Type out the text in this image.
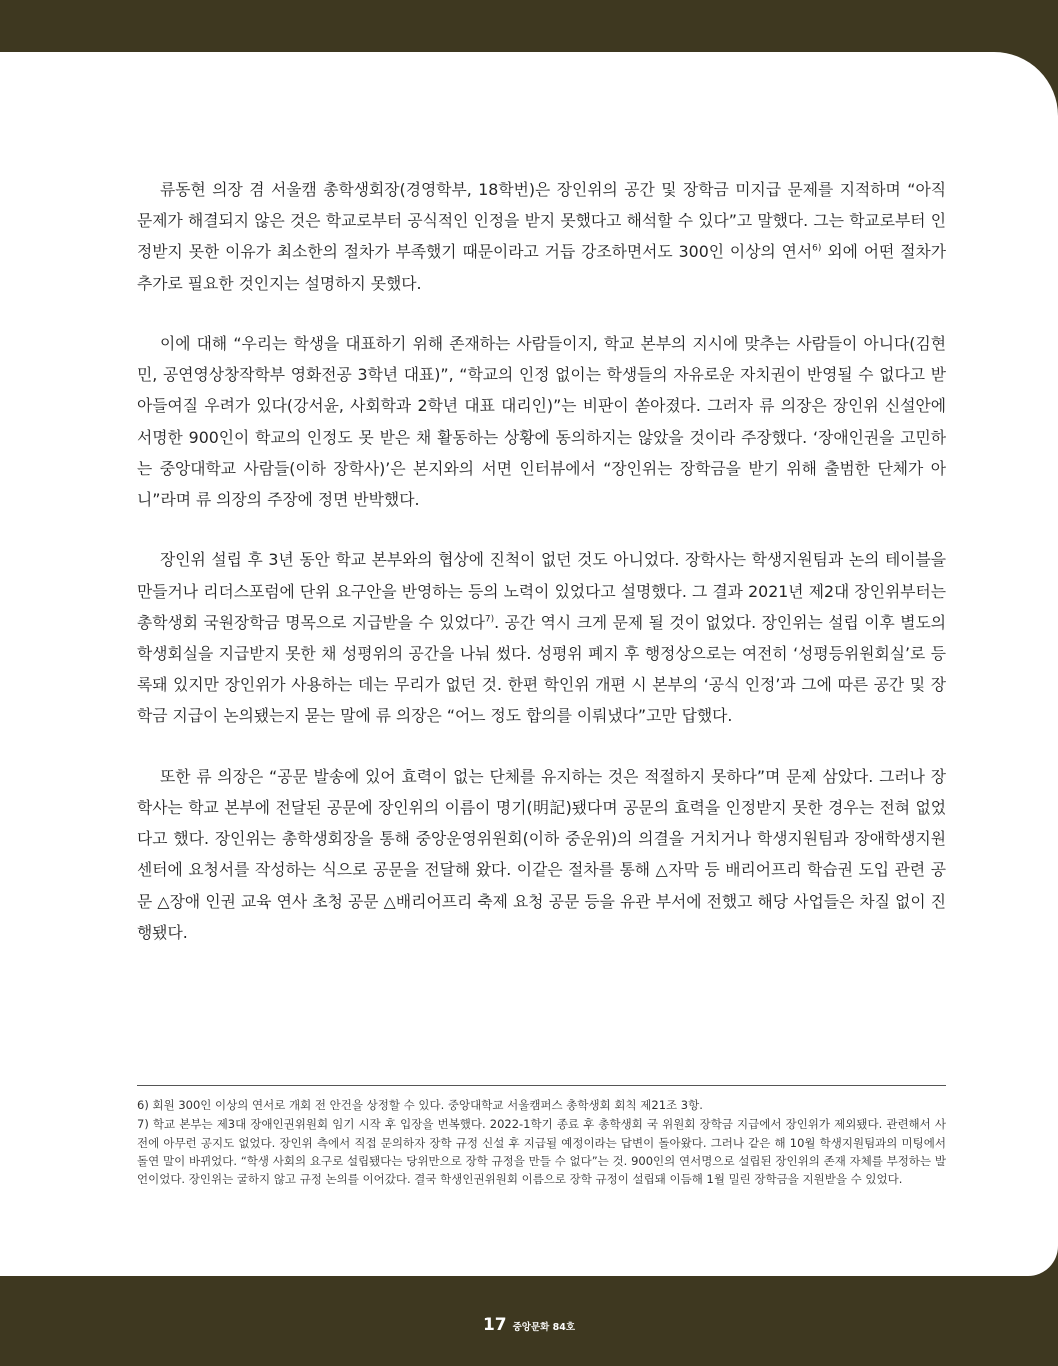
류동현 의장 겸 서울캠 총학생회장(경영학부, 18학번)은 장인위의 공간 및 장학금 미지급 문제를 지적하며 “아직 문제가 해결되지 않은 것은 학교로부터 공식적인 인정을 받지 못했다고 해석할 수 있다”고 말했다. 그는 학교로부터 인정받지 못한 이유가 최소한의 절차가 부족했기 때문이라고 거듭 강조하면서도 300인 이상의 연서$^{6)}$ 외에 어떤 절차가 추가로 필요한 것인지는 설명하지 못했다.

이에 대해 “우리는 학생을 대표하기 위해 존재하는 사람들이지, 학교 본부의 지시에 맞추는 사람들이 아니다(김현민, 공연영상창작학부 영화전공 3학년 대표)”, “학교의 인정 없이는 학생들의 자유로운 자치권이 반영될 수 없다고 받아들여질 우려가 있다(강서윤, 사회학과 2학년 대표 대리인)”는 비판이 쏟아졌다. 그러자 류 의장은 장인위 신설안에 서명한 900인이 학교의 인정도 못 받은 채 활동하는 상황에 동의하지는 않았을 것이라 주장했다. ‘장애인권을 고민하는 중앙대학교 사람들(이하 장학사)’은 본지와의 서면 인터뷰에서 “장인위는 장학금을 받기 위해 출범한 단체가 아니”라며 류 의장의 주장에 정면 반박했다.

장인위 설립 후 3년 동안 학교 본부와의 협상에 진척이 없던 것도 아니었다. 장학사는 학생지원팀과 논의 테이블을 만들거나 리더스포럼에 단위 요구안을 반영하는 등의 노력이 있었다고 설명했다. 그 결과 2021년 제2대 장인위부터는 총학생회 국원장학금 명목으로 지급받을 수 있었다$^{7)}$. 공간 역시 크게 문제 될 것이 없었다. 장인위는 설립 이후 별도의 학생회실을 지급받지 못한 채 성평위의 공간을 나눠 썼다. 성평위 폐지 후 행정상으로는 여전히 ‘성평등위원회실’로 등록돼 있지만 장인위가 사용하는 데는 무리가 없던 것. 한편 학인위 개편 시 본부의 ‘공식 인정’과 그에 따른 공간 및 장학금 지급이 논의됐는지 묻는 말에 류 의장은 “어느 정도 합의를 이뤄냈다”고만 답했다.

또한 류 의장은 “공문 발송에 있어 효력이 없는 단체를 유지하는 것은 적절하지 못하다”며 문제 삼았다. 그러나 장학사는 학교 본부에 전달된 공문에 장인위의 이름이 명기(明記)됐다며 공문의 효력을 인정받지 못한 경우는 전혀 없었다고 했다. 장인위는 총학생회장을 통해 중앙운영위원회(이하 중운위)의 의결을 거치거나 학생지원팀과 장애학생지원센터에 요청서를 작성하는 식으로 공문을 전달해 왔다. 이같은 절차를 통해 △자막 등 배리어프리 학습권 도입 관련 공문 △장애 인권 교육 연사 초청 공문 △배리어프리 축제 요청 공문 등을 유관 부서에 전했고 해당 사업들은 차질 없이 진행됐다.

6) 회원 300인 이상의 연서로 개회 전 안건을 상정할 수 있다. 중앙대학교 서울캠퍼스 총학생회 회칙 제21조 3항.

7) 학교 본부는 제3대 장애인권위원회 임기 시작 후 입장을 번복했다. 2022-1학기 종료 후 총학생회 국 위원회 장학금 지급에서 장인위가 제외됐다. 관련해서 사전에 아무런 공지도 없었다. 장인위 측에서 직접 문의하자 장학 규정 신설 후 지급될 예정이라는 답변이 돌아왔다. 그러나 같은 해 10월 학생지원팀과의 미팅에서 돌연 말이 바뀌었다. “학생 사회의 요구로 설립됐다는 당위만으로 장학 규정을 만들 수 없다”는 것. 900인의 연서명으로 설립된 장인위의 존재 자체를 부정하는 발언이었다. 장인위는 굴하지 않고 규정 논의를 이어갔다. 결국 학생인권위원회 이름으로 장학 규정이 설립돼 이듬해 1월 밀린 장학금을 지원받을 수 있었다.

17 중앙문화 84호
